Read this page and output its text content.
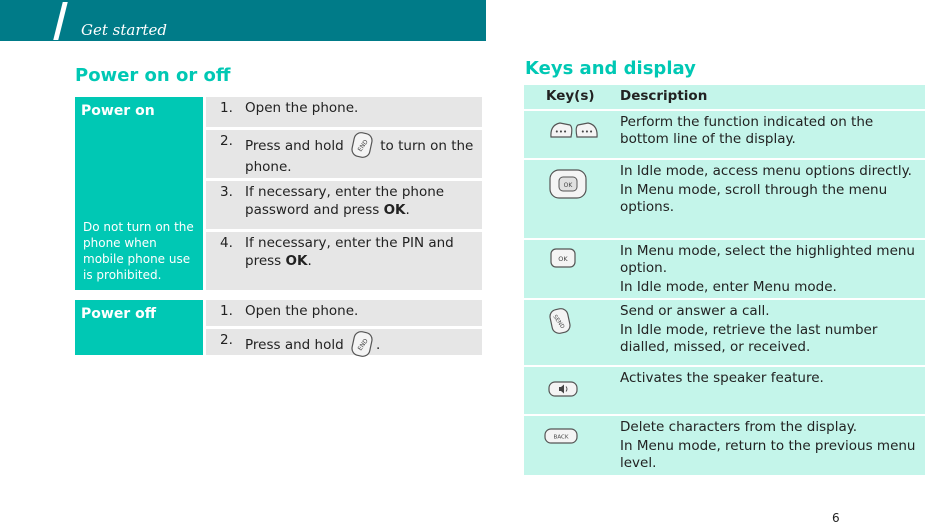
Get started
Power on or off
Power on
Do not turn on the phone when mobile phone use is prohibited.
1. Open the phone.
2. Press and hold END to turn on the phone.
3. If necessary, enter the phone password and press OK.
4. If necessary, enter the PIN and press OK.
Power off	1. Open the phone.
2. Press and hold END .
Keys and display
Key(s) Description
••• •••

Perform the function indicated on the bottom line of the display.

OK

In Idle mode, access menu options directly.

In Menu mode, scroll through the menu options.

OK	In Menu mode, select the highlighted menu option.

In Idle mode, enter Menu mode.

SEND

Send or answer a call.

In Idle mode, retrieve the last number dialled, missed, or received.

Activates the speaker feature.

BACK

Delete characters from the display.

In Menu mode, return to the previous menu level.

6
